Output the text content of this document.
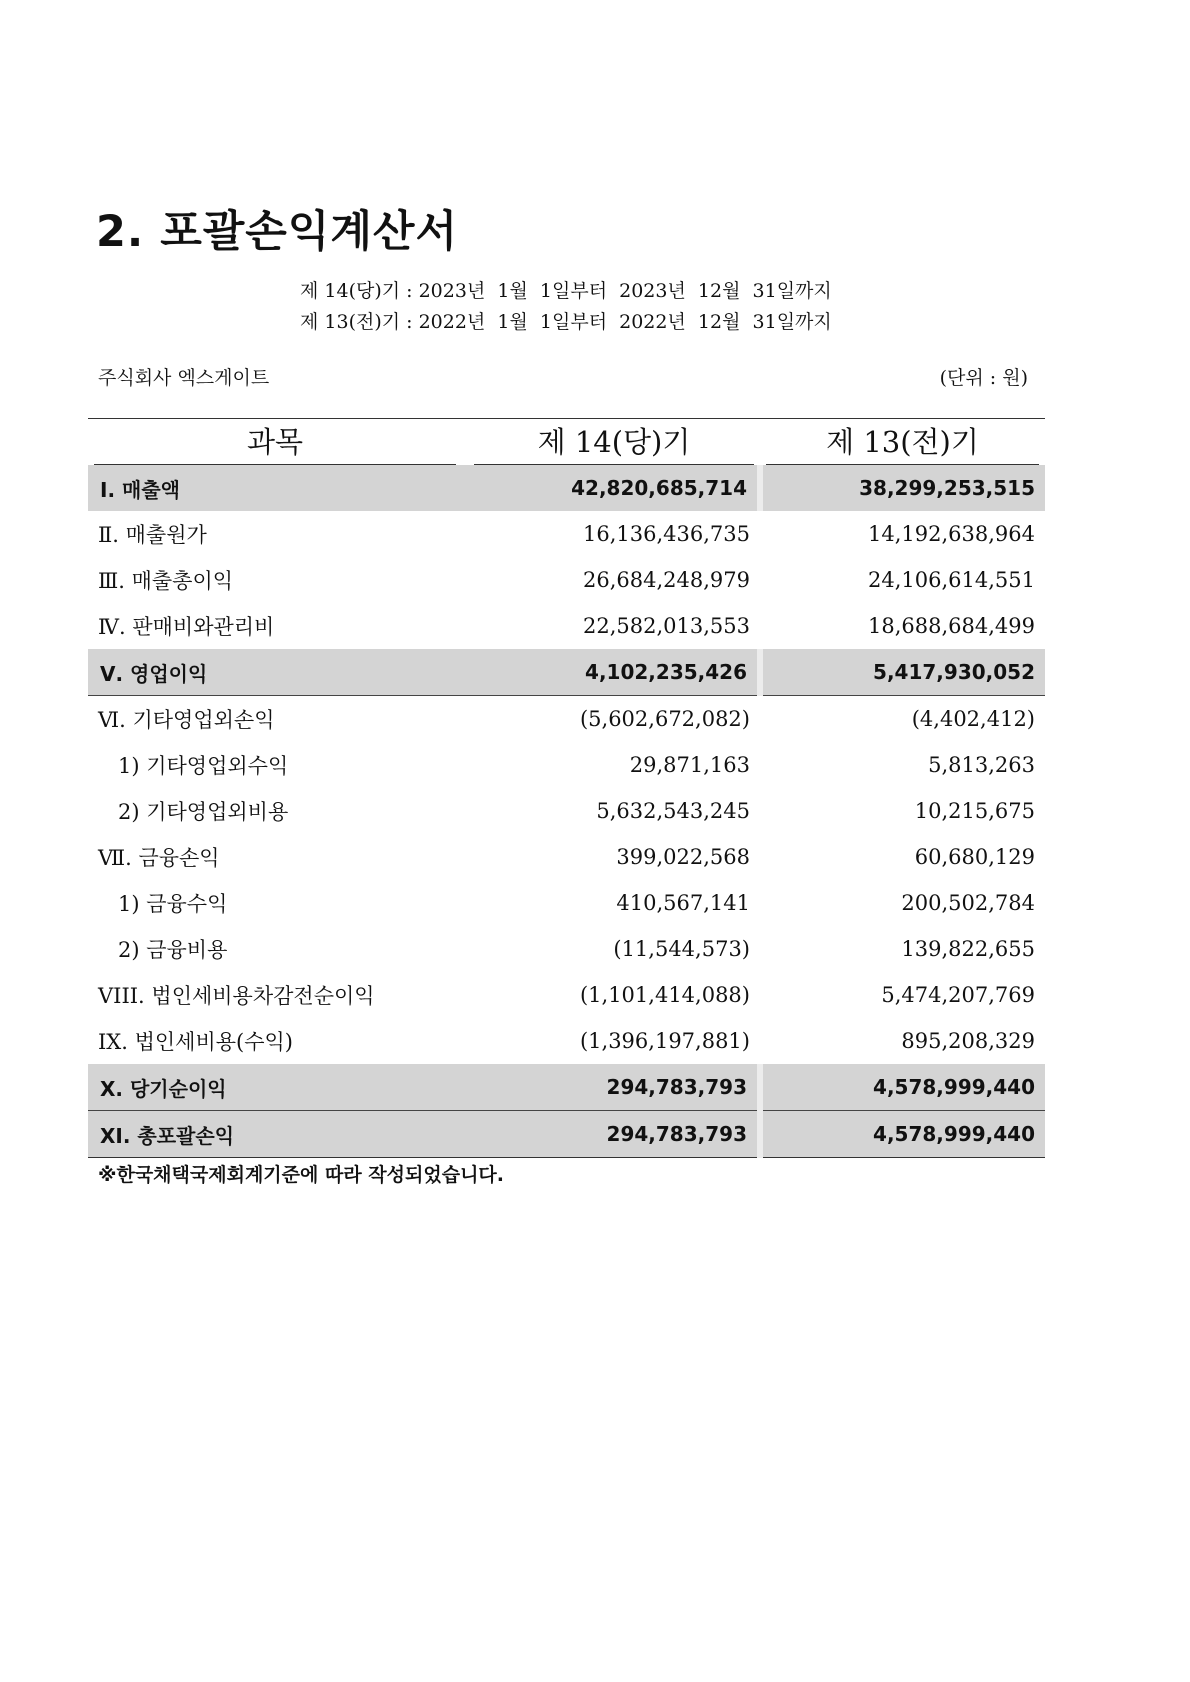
2. 포괄손익계산서
제 14(당)기 : 2023년  1월  1일부터  2023년  12월  31일까지
제 13(전)기 : 2022년  1월  1일부터  2022년  12월  31일까지
주식회사 엑스게이트	(단위 : 원)
과목	제 14(당)기	제 13(전)기

Ⅰ. 매출액	42,820,685,714	38,299,253,515
Ⅱ. 매출원가	16,136,436,735	14,192,638,964
Ⅲ. 매출총이익	26,684,248,979	24,106,614,551
Ⅳ. 판매비와관리비	22,582,013,553	18,688,684,499
Ⅴ. 영업이익	4,102,235,426	5,417,930,052
Ⅵ. 기타영업외손익	(5,602,672,082)	(4,402,412)
1) 기타영업외수익	29,871,163	5,813,263
2) 기타영업외비용	5,632,543,245	10,215,675
Ⅶ. 금융손익	399,022,568	60,680,129
1) 금융수익	410,567,141	200,502,784
2) 금융비용	(11,544,573)	139,822,655
VIII. 법인세비용차감전순이익	(1,101,414,088)	5,474,207,769
IX. 법인세비용(수익)	(1,396,197,881)	895,208,329
X. 당기순이익	294,783,793	4,578,999,440
XI. 총포괄손익	294,783,793	4,578,999,440
※한국채택국제회계기준에 따라 작성되었습니다.
